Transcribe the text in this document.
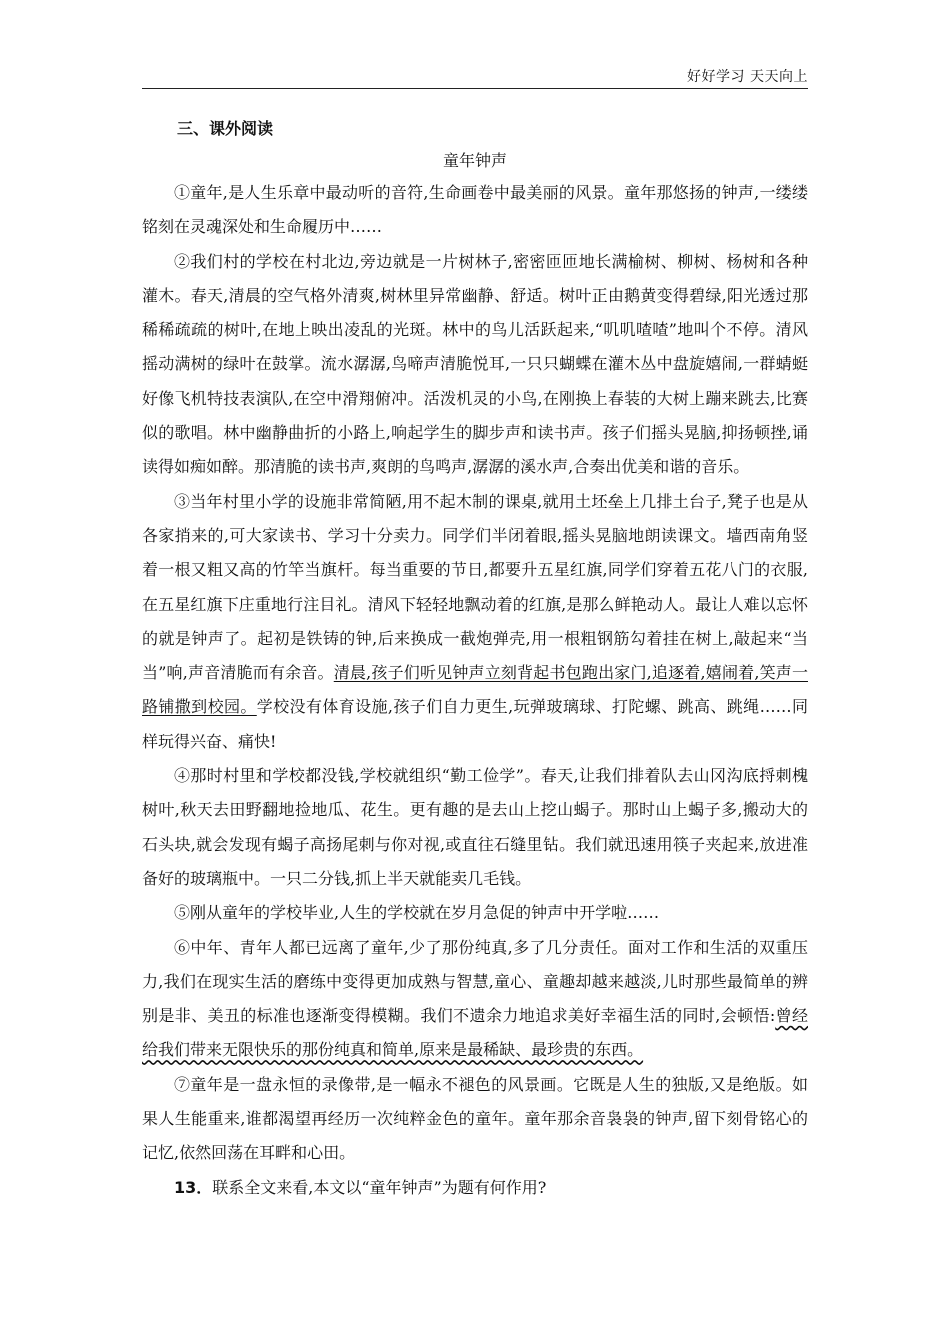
好好学习 天天向上
三、课外阅读
童年钟声

①童年,是人生乐章中最动听的音符,生命画卷中最美丽的风景。童年那悠扬的钟声,一缕缕铭刻在灵魂深处和生命履历中……

②我们村的学校在村北边,旁边就是一片树林子,密密匝匝地长满榆树、柳树、杨树和各种灌木。春天,清晨的空气格外清爽,树林里异常幽静、舒适。树叶正由鹅黄变得碧绿,阳光透过那稀稀疏疏的树叶,在地上映出凌乱的光斑。林中的鸟儿活跃起来,“叽叽喳喳”地叫个不停。清风摇动满树的绿叶在鼓掌。流水潺潺,鸟啼声清脆悦耳,一只只蝴蝶在灌木丛中盘旋嬉闹,一群蜻蜓好像飞机特技表演队,在空中滑翔俯冲。活泼机灵的小鸟,在刚换上春装的大树上蹦来跳去,比赛似的歌唱。林中幽静曲折的小路上,响起学生的脚步声和读书声。孩子们摇头晃脑,抑扬顿挫,诵读得如痴如醉。那清脆的读书声,爽朗的鸟鸣声,潺潺的溪水声,合奏出优美和谐的音乐。

③当年村里小学的设施非常简陋,用不起木制的课桌,就用土坯垒上几排土台子,凳子也是从各家捎来的,可大家读书、学习十分卖力。同学们半闭着眼,摇头晃脑地朗读课文。墙西南角竖着一根又粗又高的竹竿当旗杆。每当重要的节日,都要升五星红旗,同学们穿着五花八门的衣服,在五星红旗下庄重地行注目礼。清风下轻轻地飘动着的红旗,是那么鲜艳动人。最让人难以忘怀的就是钟声了。起初是铁铸的钟,后来换成一截炮弹壳,用一根粗钢筋勾着挂在树上,敲起来“当当”响,声音清脆而有余音。清晨,孩子们听见钟声立刻背起书包跑出家门,追逐着,嬉闹着,笑声一路铺撒到校园。学校没有体育设施,孩子们自力更生,玩弹玻璃球、打陀螺、跳高、跳绳……同样玩得兴奋、痛快!

④那时村里和学校都没钱,学校就组织“勤工俭学”。春天,让我们排着队去山冈沟底捋刺槐树叶,秋天去田野翻地捡地瓜、花生。更有趣的是去山上挖山蝎子。那时山上蝎子多,搬动大的石头块,就会发现有蝎子高扬尾刺与你对视,或直往石缝里钻。我们就迅速用筷子夹起来,放进准备好的玻璃瓶中。一只二分钱,抓上半天就能卖几毛钱。

⑤刚从童年的学校毕业,人生的学校就在岁月急促的钟声中开学啦……

⑥中年、青年人都已远离了童年,少了那份纯真,多了几分责任。面对工作和生活的双重压力,我们在现实生活的磨练中变得更加成熟与智慧,童心、童趣却越来越淡,儿时那些最简单的辨别是非、美丑的标准也逐渐变得模糊。我们不遗余力地追求美好幸福生活的同时,会顿悟:曾经给我们带来无限快乐的那份纯真和简单,原来是最稀缺、最珍贵的东西。

⑦童年是一盘永恒的录像带,是一幅永不褪色的风景画。它既是人生的独版,又是绝版。如果人生能重来,谁都渴望再经历一次纯粹金色的童年。童年那余音袅袅的钟声,留下刻骨铭心的记忆,依然回荡在耳畔和心田。

13．联系全文来看,本文以“童年钟声”为题有何作用?
